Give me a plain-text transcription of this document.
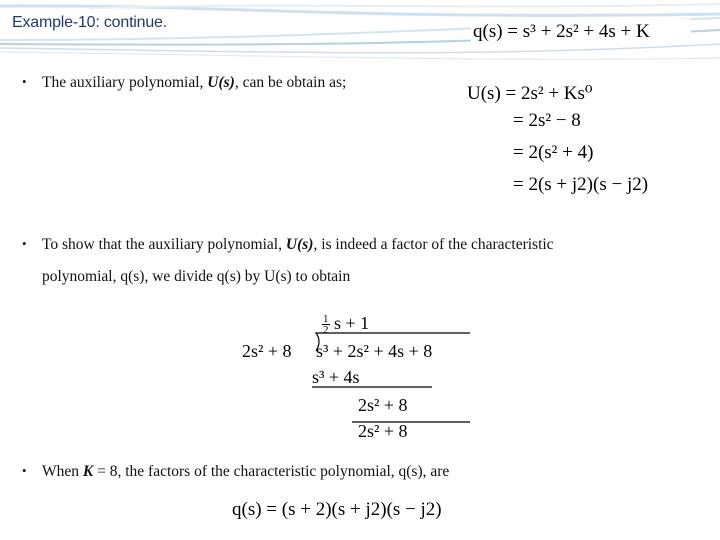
Example-10: continue.	q(s) = s³ + 2s² + 4s + K
• The auxiliary polynomial, U(s), can be obtain as;
U(s) = 2s² + Ks⁰
= 2s² − 8
= 2(s² + 4)
= 2(s + j2)(s − j2)
• To show that the auxiliary polynomial, U(s), is indeed a factor of the characteristic
polynomial, q(s), we divide q(s) by U(s) to obtain
$\frac{1}{2}$ s + 1
2s² + 8 s³ + 2s² + 4s + 8
s³ + 4s
2s² + 8
2s² + 8
• When K = 8, the factors of the characteristic polynomial, q(s), are
q(s) = (s + 2)(s + j2)(s − j2)
